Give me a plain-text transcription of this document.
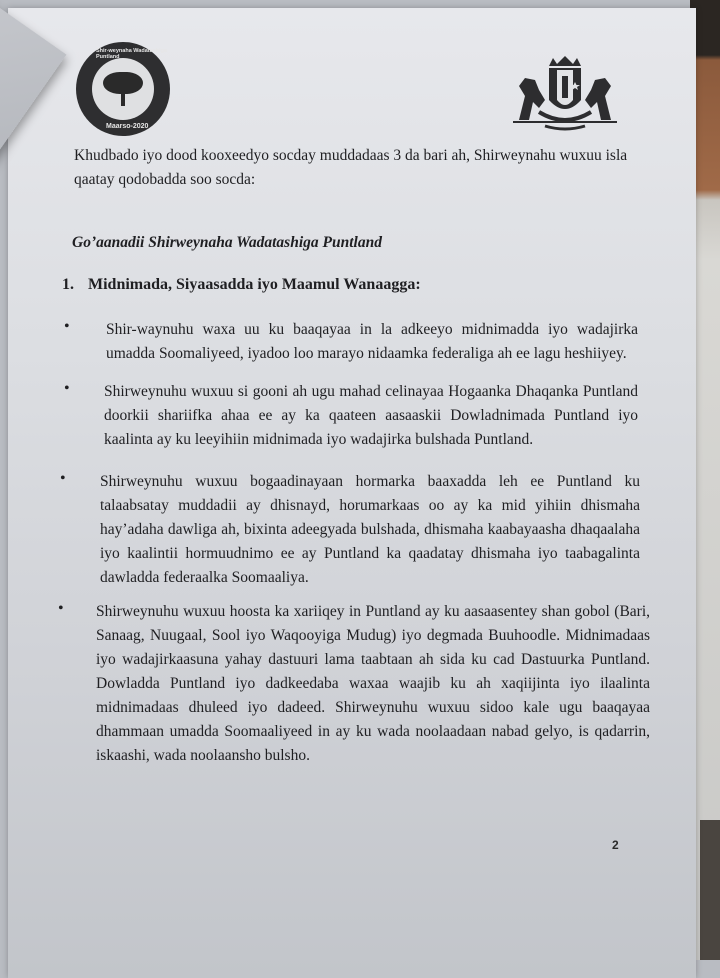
Shir-weynaha Wadatashiga Puntland
Maarso-2020
Khudbado iyo dood kooxeedyo socday muddadaas 3 da bari ah, Shirweynahu wuxuu isla qaatay qodobadda soo socda:
Go’aanadii Shirweynaha Wadatashiga Puntland
1. Midnimada, Siyaasadda iyo Maamul Wanaagga:
• Shir-waynuhu waxa uu ku baaqayaa in la adkeeyo midnimadda iyo wadajirka umadda Soomaliyeed, iyadoo loo marayo nidaamka federaliga ah ee lagu heshiiyey.
• Shirweynuhu wuxuu si gooni ah ugu mahad celinayaa Hogaanka Dhaqanka Puntland doorkii shariifka ahaa ee ay ka qaateen aasaaskii Dowladnimada Puntland iyo kaalinta ay ku leeyihiin midnimada iyo wadajirka bulshada Puntland.
• Shirweynuhu wuxuu bogaadinayaan hormarka baaxadda leh ee Puntland ku talaabsatay muddadii ay dhisnayd, horumarkaas oo ay ka mid yihiin dhismaha hay’adaha dawliga ah, bixinta adeegyada bulshada, dhismaha kaabayaasha dhaqaalaha iyo kaalintii hormuudnimo ee ay Puntland ka qaadatay dhismaha iyo taabagalinta dawladda federaalka Soomaaliya.
• Shirweynuhu wuxuu hoosta ka xariiqey in Puntland ay ku aasaasentey shan gobol (Bari, Sanaag, Nuugaal, Sool iyo Waqooyiga Mudug) iyo degmada Buuhoodle. Midnimadaas iyo wadajirkaasuna yahay dastuuri lama taabtaan ah sida ku cad Dastuurka Puntland. Dowladda Puntland iyo dadkeedaba waxaa waajib ku ah xaqiijinta iyo ilaalinta midnimadaas dhuleed iyo dadeed. Shirweynuhu wuxuu sidoo kale ugu baaqayaa dhammaan umadda Soomaaliyeed in ay ku wada noolaadaan nabad gelyo, is qadarrin, iskaashi, wada noolaansho bulsho.
2
